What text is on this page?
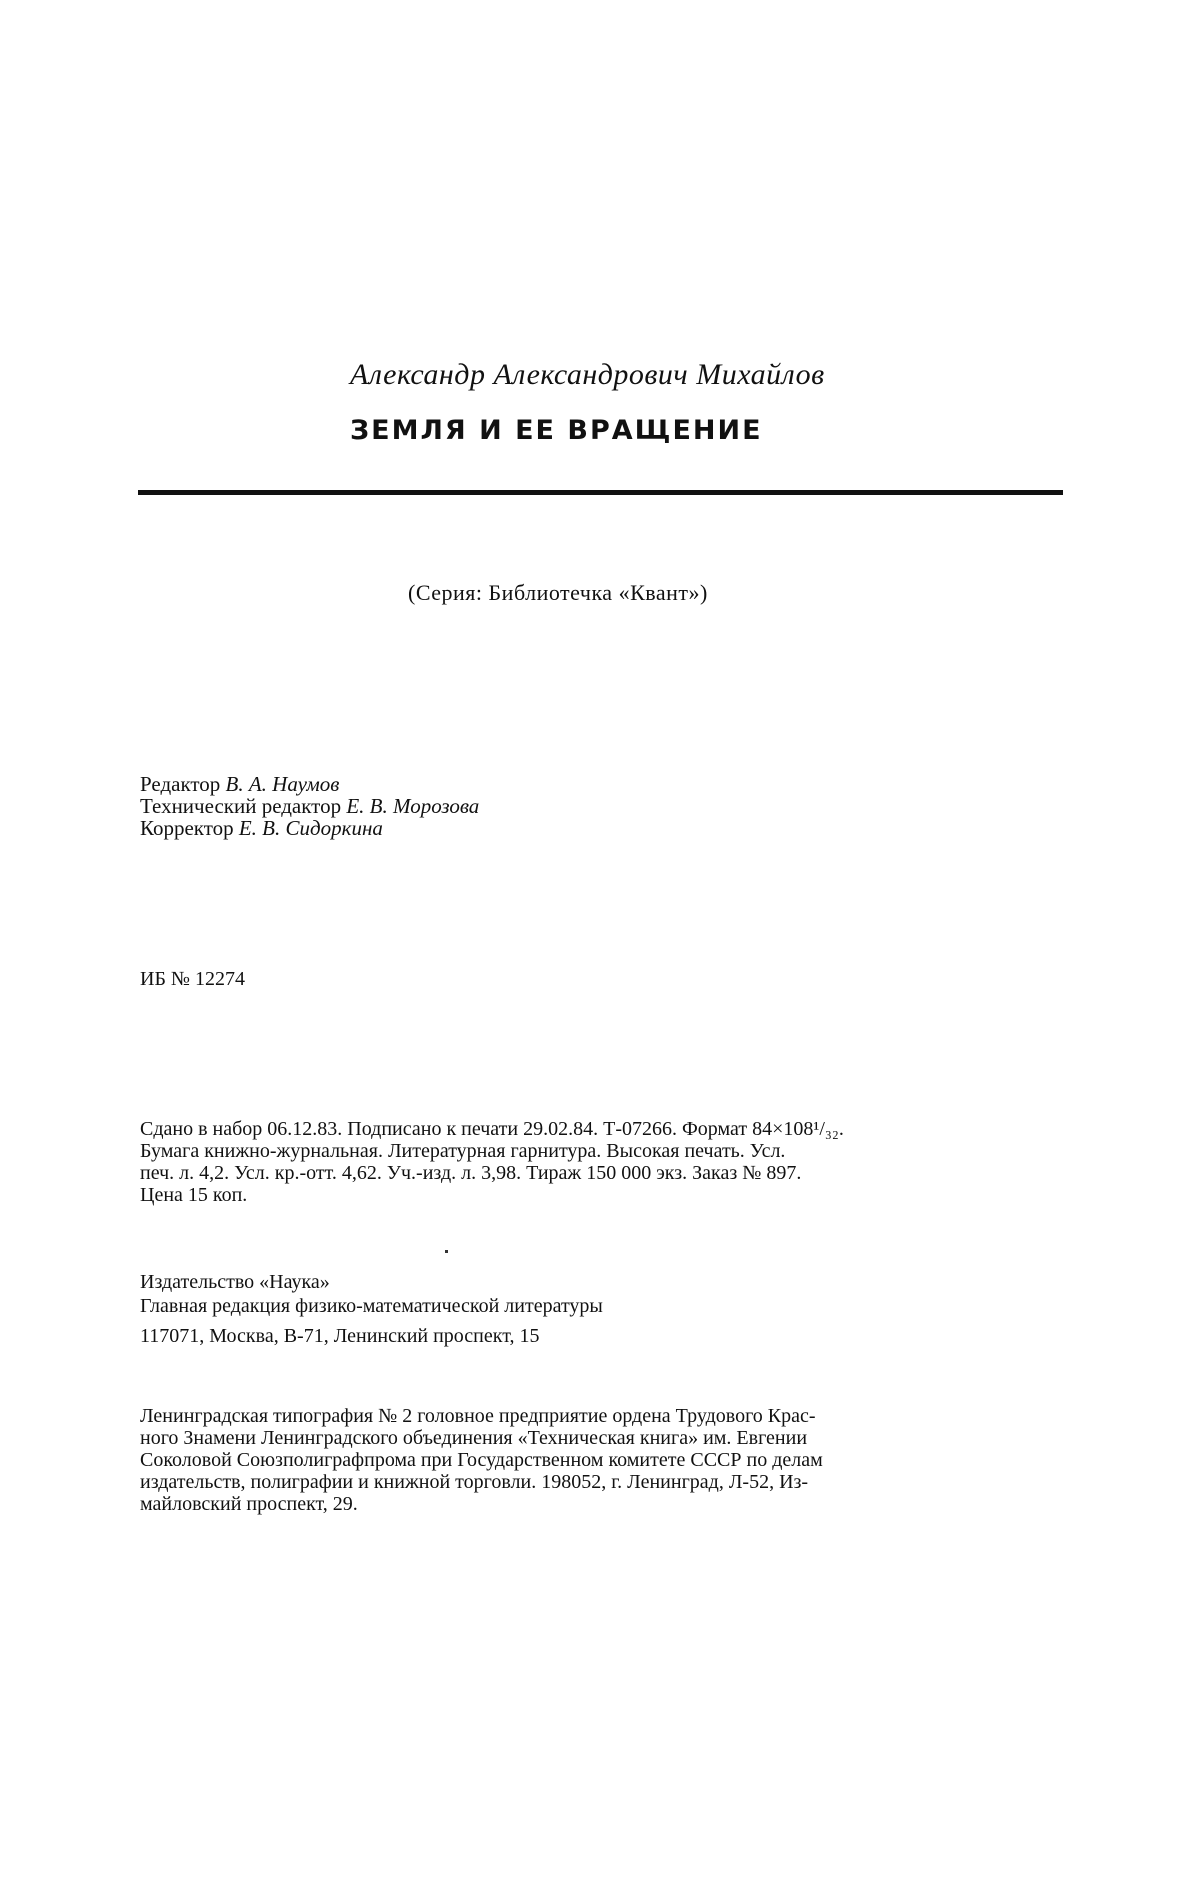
Александр Александрович Михайлов
ЗЕМЛЯ И ЕЕ ВРАЩЕНИЕ
(Серия: Библиотечка «Квант»)
Редактор В. А. Наумов
Технический редактор Е. В. Морозова
Корректор Е. В. Сидоркина
ИБ № 12274
Сдано в набор 06.12.83. Подписано к печати 29.02.84. Т-07266. Формат 84×108¹/₃₂.
Бумага книжно-журнальная. Литературная гарнитура. Высокая печать. Усл.
печ. л. 4,2. Усл. кр.-отт. 4,62. Уч.-изд. л. 3,98. Тираж 150 000 экз. Заказ № 897.
Цена 15 коп.
Издательство «Наука»
Главная редакция физико-математической литературы
117071, Москва, В-71, Ленинский проспект, 15
Ленинградская типография № 2 головное предприятие ордена Трудового Крас-
ного Знамени Ленинградского объединения «Техническая книга» им. Евгении
Соколовой Союзполиграфпрома при Государственном комитете СССР по делам
издательств, полиграфии и книжной торговли. 198052, г. Ленинград, Л-52, Из-
майловский проспект, 29.
